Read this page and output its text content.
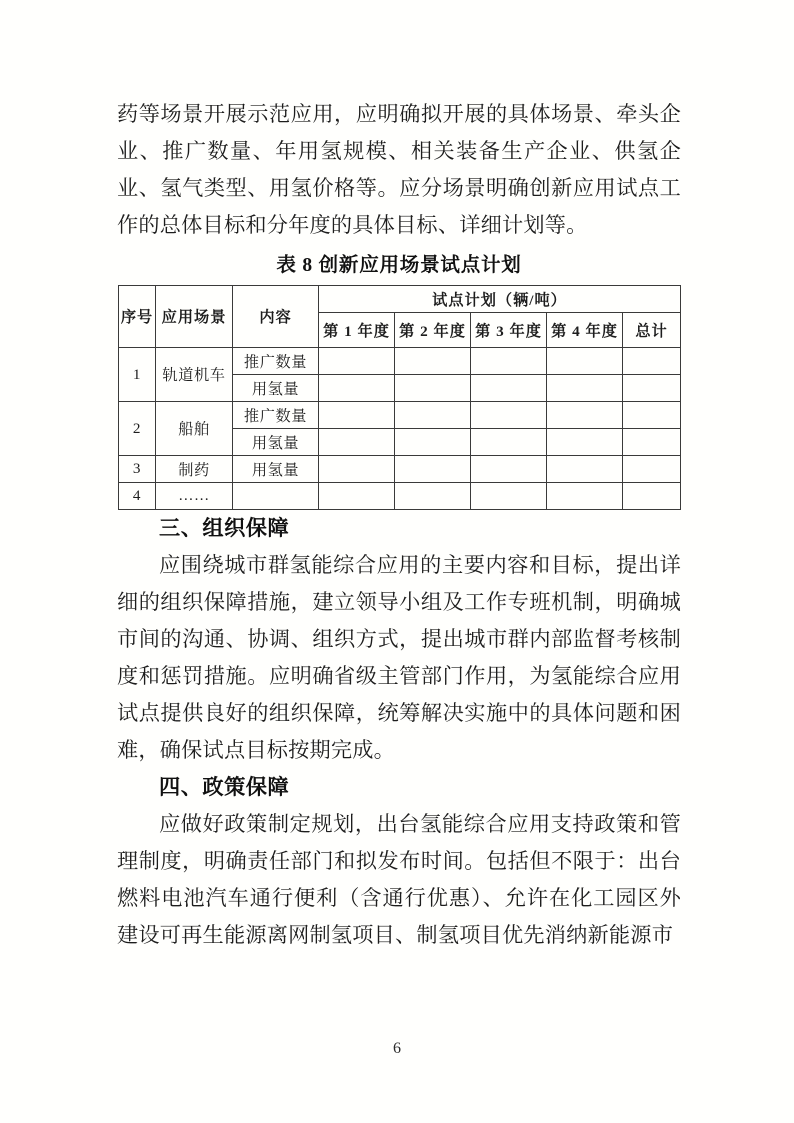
药等场景开展示范应用，应明确拟开展的具体场景、牵头企业、推广数量、年用氢规模、相关装备生产企业、供氢企业、氢气类型、用氢价格等。应分场景明确创新应用试点工作的总体目标和分年度的具体目标、详细计划等。

表 8 创新应用场景试点计划

序号	应用场景	内容	试点计划（辆/吨）				
			第 1 年度	第 2 年度	第 3 年度	第 4 年度	总计
1	轨道机车	推广数量					
		用氢量					
2	船舶	推广数量					
		用氢量					
3	制药	用氢量					
4	……						
三、组织保障

应围绕城市群氢能综合应用的主要内容和目标，提出详细的组织保障措施，建立领导小组及工作专班机制，明确城市间的沟通、协调、组织方式，提出城市群内部监督考核制度和惩罚措施。应明确省级主管部门作用，为氢能综合应用试点提供良好的组织保障，统筹解决实施中的具体问题和困难，确保试点目标按期完成。

四、政策保障

应做好政策制定规划，出台氢能综合应用支持政策和管理制度，明确责任部门和拟发布时间。包括但不限于：出台燃料电池汽车通行便利（含通行优惠）、允许在化工园区外建设可再生能源离网制氢项目、制氢项目优先消纳新能源市

6
